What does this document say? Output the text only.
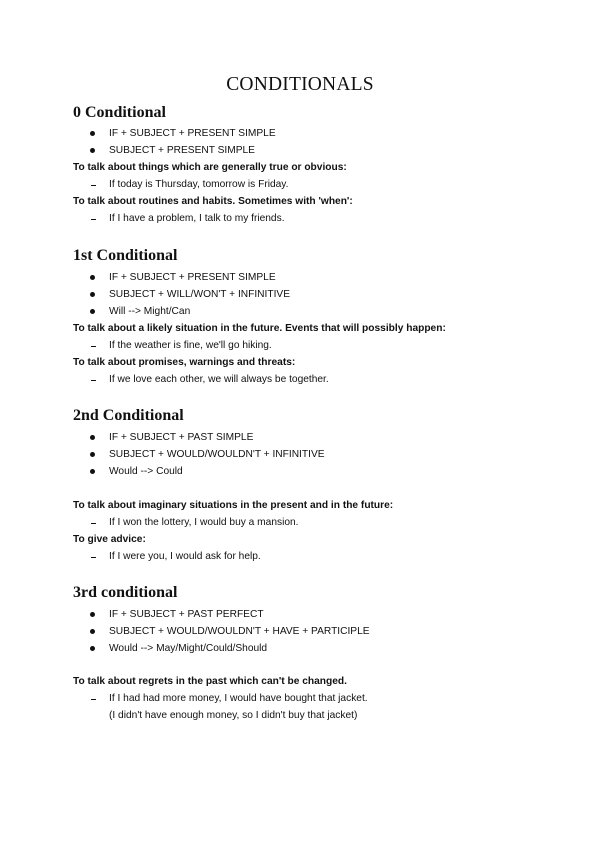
CONDITIONALS
0 Conditional
IF + SUBJECT + PRESENT SIMPLE
SUBJECT + PRESENT SIMPLE
To talk about things which are generally true or obvious:
If today is Thursday, tomorrow is Friday.
To talk about routines and habits. Sometimes with 'when':
If I have a problem, I talk to my friends.
1st Conditional
IF + SUBJECT + PRESENT SIMPLE
SUBJECT + WILL/WON'T + INFINITIVE
Will --> Might/Can
To talk about a likely situation in the future. Events that will possibly happen:
If the weather is fine, we'll go hiking.
To talk about promises, warnings and threats:
If we love each other, we will always be together.
2nd Conditional
IF + SUBJECT + PAST SIMPLE
SUBJECT + WOULD/WOULDN'T + INFINITIVE
Would --> Could
To talk about imaginary situations in the present and in the future:
If I won the lottery, I would buy a mansion.
To give advice:
If I were you, I would ask for help.
3rd conditional
IF + SUBJECT + PAST PERFECT
SUBJECT + WOULD/WOULDN'T + HAVE + PARTICIPLE
Would --> May/Might/Could/Should
To talk about regrets in the past which can't be changed.
If I had had more money, I would have bought that jacket.
(I didn't have enough money, so I didn't buy that jacket)
